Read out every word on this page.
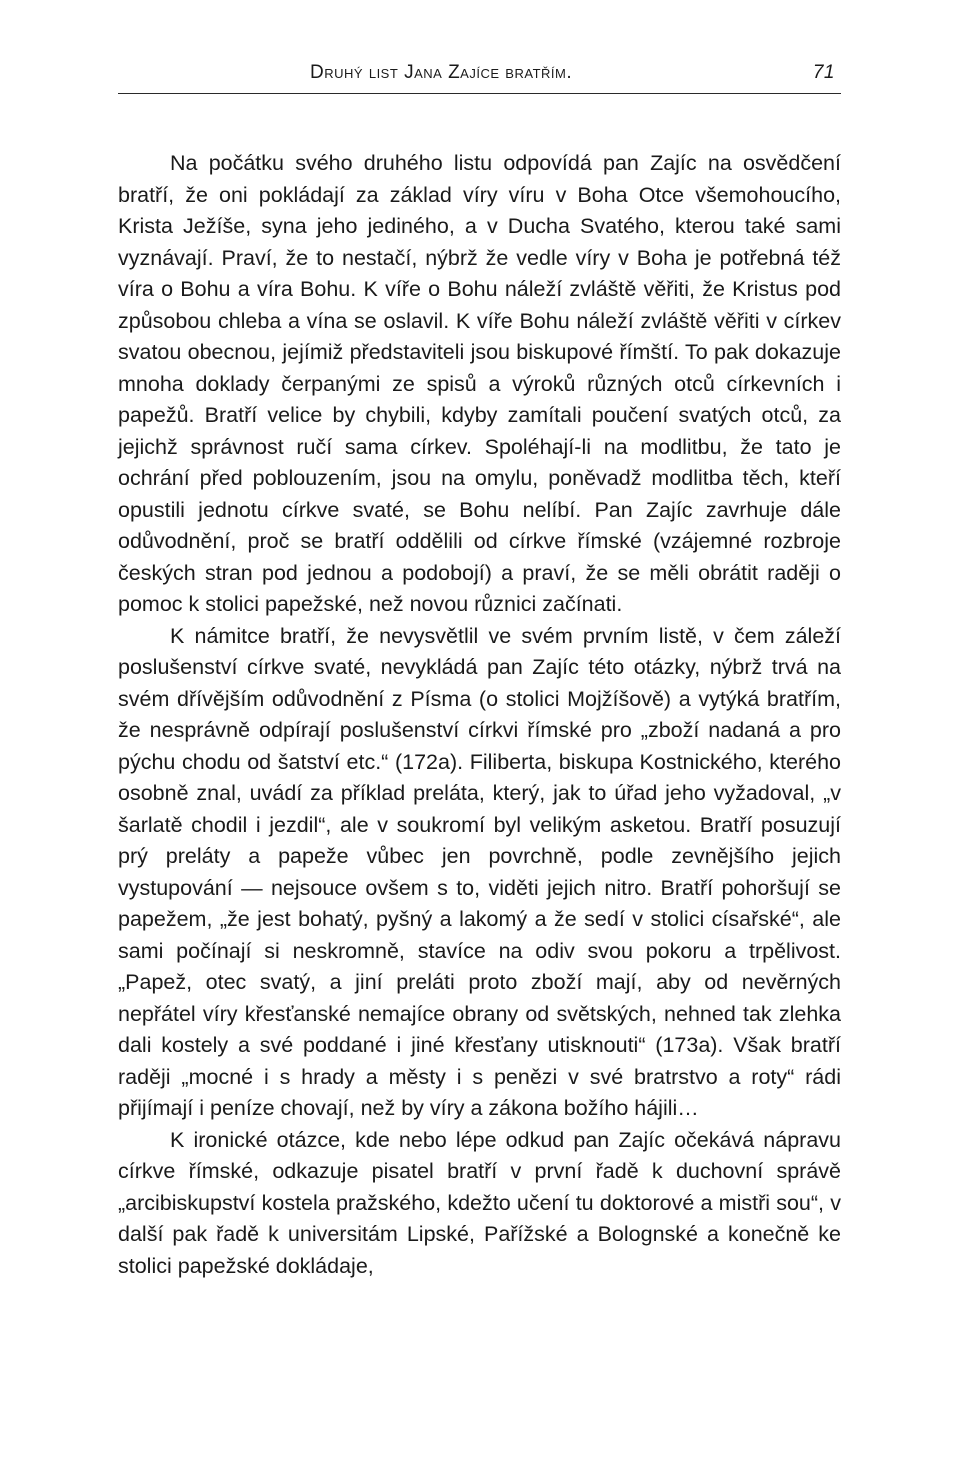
Druhý list Jana Zajíce bratřím.	71

Na počátku svého druhého listu odpovídá pan Zajíc na osvědčení bratří, že oni pokládají za základ víry víru v Boha Otce všemohoucího, Krista Ježíše, syna jeho jediného, a v Ducha Svatého, kterou také sami vyznávají. Praví, že to nestačí, nýbrž že vedle víry v Boha je potřebná též víra o Bohu a víra Bohu. K víře o Bohu náleží zvláště věřiti, že Kristus pod způsobou chleba a vína se oslavil. K víře Bohu náleží zvláště věřiti v církev svatou obecnou, jejímiž představiteli jsou biskupové římští. To pak dokazuje mnoha doklady čerpanými ze spisů a výroků různých otců církevních i papežů. Bratří velice by chybili, kdyby zamítali poučení svatých otců, za jejichž správnost ručí sama církev. Spoléhají-li na modlitbu, že tato je ochrání před poblouzením, jsou na omylu, poněvadž modlitba těch, kteří opustili jednotu církve svaté, se Bohu nelíbí. Pan Zajíc zavrhuje dále odůvodnění, proč se bratří oddělili od církve římské (vzájemné rozbroje českých stran pod jednou a podobojí) a praví, že se měli obrátit raději o pomoc k stolici papežské, než novou různici začínati.

K námitce bratří, že nevysvětlil ve svém prvním listě, v čem záleží poslušenství církve svaté, nevykládá pan Zajíc této otázky, nýbrž trvá na svém dřívějším odůvodnění z Písma (o stolici Mojžíšově) a vytýká bratřím, že nesprávně odpírají poslušenství církvi římské pro „zboží nadaná a pro pýchu chodu od šatství etc.“ (172a). Filiberta, biskupa Kostnického, kterého osobně znal, uvádí za příklad preláta, který, jak to úřad jeho vyžadoval, „v šarlatě chodil i jezdil“, ale v soukromí byl velikým asketou. Bratří posuzují prý preláty a papeže vůbec jen povrchně, podle zevnějšího jejich vystupování — nejsouce ovšem s to, viděti jejich nitro. Bratří pohoršují se papežem, „že jest bohatý, pyšný a lakomý a že sedí v stolici císařské“, ale sami počínají si neskromně, stavíce na odiv svou pokoru a trpělivost. „Papež, otec svatý, a jiní preláti proto zboží mají, aby od nevěrných nepřátel víry křesťanské nemajíce obrany od světských, nehned tak zlehka dali kostely a své poddané i jiné křesťany utisknouti“ (173a). Však bratří raději „mocné i s hrady a městy i s penězi v své bratrstvo a roty“ rádi přijímají i peníze chovají, než by víry a zákona božího hájili…

K ironické otázce, kde nebo lépe odkud pan Zajíc očekává nápravu církve římské, odkazuje pisatel bratří v první řadě k duchovní správě „arcibiskupství kostela pražského, kdežto učení tu doktorové a mistři sou“, v další pak řadě k universitám Lipské, Pařížské a Bolognské a konečně ke stolici papežské dokládaje,
